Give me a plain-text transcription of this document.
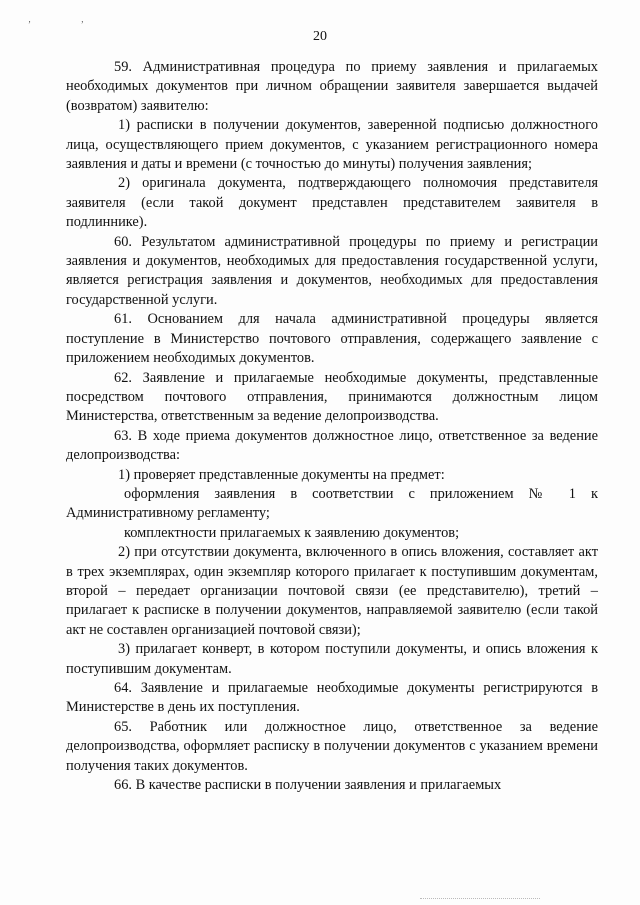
‚ ,
20

59. Административная процедура по приему заявления и прилагаемых необходимых документов при личном обращении заявителя завершается выдачей (возвратом) заявителю:

1) расписки в получении документов, заверенной подписью должностного лица, осуществляющего прием документов, с указанием регистрационного номера заявления и даты и времени (с точностью до минуты) получения заявления;

2) оригинала документа, подтверждающего полномочия представителя заявителя (если такой документ представлен представителем заявителя в подлиннике).

60. Результатом административной процедуры по приему и регистрации заявления и документов, необходимых для предоставления государственной услуги, является регистрация заявления и документов, необходимых для предоставления государственной услуги.

61. Основанием для начала административной процедуры является поступление в Министерство почтового отправления, содержащего заявление с приложением необходимых документов.

62. Заявление и прилагаемые необходимые документы, представленные посредством почтового отправления, принимаются должностным лицом Министерства, ответственным за ведение делопроизводства.

63. В ходе приема документов должностное лицо, ответственное за ведение делопроизводства:

1) проверяет представленные документы на предмет:

оформления заявления в соответствии с приложением № 1 к Административному регламенту;

комплектности прилагаемых к заявлению документов;

2) при отсутствии документа, включенного в опись вложения, составляет акт в трех экземплярах, один экземпляр которого прилагает к поступившим документам, второй – передает организации почтовой связи (ее представителю), третий – прилагает к расписке в получении документов, направляемой заявителю (если такой акт не составлен организацией почтовой связи);

3) прилагает конверт, в котором поступили документы, и опись вложения к поступившим документам.

64. Заявление и прилагаемые необходимые документы регистрируются в Министерстве в день их поступления.

65. Работник или должностное лицо, ответственное за ведение делопроизводства, оформляет расписку в получении документов с указанием времени получения таких документов.

66. В качестве расписки в получении заявления и прилагаемых
